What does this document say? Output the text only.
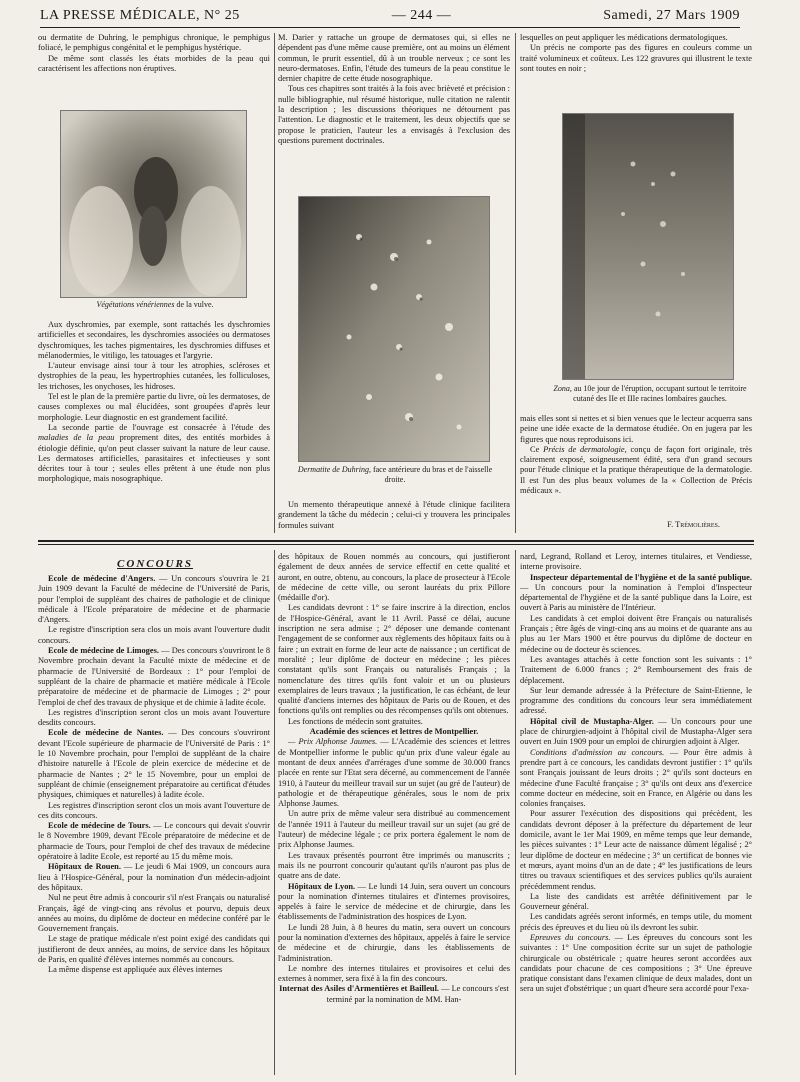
LA PRESSE MÉDICALE, N° 25	— 244 —	Samedi, 27 Mars 1909

ou dermatite de Duhring, le pemphigus chronique, le pemphigus foliacé, le pemphigus congénital et le pemphigus hystérique.

De même sont classés les états morbides de la peau qui caractérisent les affections non éruptives.

Végétations vénériennes de la vulve.

Aux dyschromies, par exemple, sont rattachés les dyschromies artificielles et secondaires, les dyschromies associées ou dermatoses dyschromiques, les taches pigmentaires, les dyschromies diffuses et mélanodermies, le vitiligo, les tatouages et l'argyrie.

L'auteur envisage ainsi tour à tour les atrophies, scléroses et dystrophies de la peau, les hypertrophies cutanées, les folliculoses, les trichoses, les onychoses, les hidroses.

Tel est le plan de la première partie du livre, où les dermatoses, de causes complexes ou mal élucidées, sont groupées d'après leur morphologie. Leur diagnostic en est grandement facilité.

La seconde partie de l'ouvrage est consacrée à l'étude des maladies de la peau proprement dites, des entités morbides à étiologie définie, qu'on peut classer suivant la nature de leur cause. Les dermatoses artificielles, parasitaires et infectieuses y sont décrites tour à tour ; seules elles prêtent à une étude non plus morphologique, mais nosographique.

M. Darier y rattache un groupe de dermatoses qui, si elles ne dépendent pas d'une même cause première, ont au moins un élément commun, le prurit essentiel, dû à un trouble nerveux ; ce sont les neuro-dermatoses. Enfin, l'étude des tumeurs de la peau constitue le dernier chapitre de cette étude nosographique.

Tous ces chapitres sont traités à la fois avec brièveté et précision : nulle bibliographie, nul résumé historique, nulle citation ne ralentit la description ; les discussions théoriques ne détournent pas l'attention. Le diagnostic et le traitement, les deux objectifs que se propose le praticien, l'auteur les a envisagés à l'exclusion des questions purement doctrinales.

Dermatite de Duhring, face antérieure du bras et de l'aisselle droite.

Un memento thérapeutique annexé à l'étude clinique facilitera grandement la tâche du médecin ; celui-ci y trouvera les principales formules suivant

lesquelles on peut appliquer les médications dermatologiques.

Un précis ne comporte pas des figures en couleurs comme un traité volumineux et coûteux. Les 122 gravures qui illustrent le texte sont toutes en noir ;

Zona, au 10e jour de l'éruption, occupant surtout le territoire cutané des IIe et IIIe racines lombaires gauches.

mais elles sont si nettes et si bien venues que le lecteur acquerra sans peine une idée exacte de la dermatose étudiée. On en jugera par les figures que nous reproduisons ici.

Ce Précis de dermatologie, conçu de façon fort originale, très clairement exposé, soigneusement édité, sera d'un grand secours pour l'étude clinique et la pratique thérapeutique de la dermatologie. Il est l'un des plus beaux volumes de la « Collection de Précis médicaux ».

F. Trémolières.
CONCOURS

Ecole de médecine d'Angers. — Un concours s'ouvrira le 21 Juin 1909 devant la Faculté de médecine de l'Université de Paris, pour l'emploi de suppléant des chaires de pathologie et de clinique médicale à l'Ecole préparatoire de médecine et de pharmacie d'Angers.

Le registre d'inscription sera clos un mois avant l'ouverture dudit concours.

Ecole de médecine de Limoges. — Des concours s'ouvriront le 8 Novembre prochain devant la Faculté mixte de médecine et de pharmacie de l'Université de Bordeaux : 1° pour l'emploi de suppléant de la chaire de pharmacie et matière médicale à l'Ecole préparatoire de médecine et de pharmacie de Limoges ; 2° pour l'emploi de chef des travaux de physique et de chimie à ladite école.

Les registres d'inscription seront clos un mois avant l'ouverture desdits concours.

Ecole de médecine de Nantes. — Des concours s'ouvriront devant l'Ecole supérieure de pharmacie de l'Université de Paris : 1° le 10 Novembre prochain, pour l'emploi de suppléant de la chaire d'histoire naturelle à l'Ecole de plein exercice de médecine et de pharmacie de Nantes ; 2° le 15 Novembre, pour un emploi de suppléant de chimie (enseignement préparatoire au certificat d'études physiques, chimiques et naturelles) à ladite école.

Les registres d'inscription seront clos un mois avant l'ouverture de ces dits concours.

Ecole de médecine de Tours. — Le concours qui devait s'ouvrir le 8 Novembre 1909, devant l'Ecole préparatoire de médecine et de pharmacie de Tours, pour l'emploi de chef des travaux de médecine opératoire à ladite Ecole, est reporté au 15 du même mois.

Hôpitaux de Rouen. — Le jeudi 6 Mai 1909, un concours aura lieu à l'Hospice-Général, pour la nomination d'un médecin-adjoint des hôpitaux.

Nul ne peut être admis à concourir s'il n'est Français ou naturalisé Français, âgé de vingt-cinq ans révolus et pourvu, depuis deux années au moins, du diplôme de docteur en médecine conféré par le Gouvernement français.

Le stage de pratique médicale n'est point exigé des candidats qui justifieront de deux années, au moins, de service dans les hôpitaux de Paris, en qualité d'élèves internes nommés au concours.

La même dispense est appliquée aux élèves internes

des hôpitaux de Rouen nommés au concours, qui justifieront également de deux années de service effectif en cette qualité et auront, en outre, obtenu, au concours, la place de prosecteur à l'Ecole de médecine de cette ville, ou seront lauréats du prix Pillore (médaille d'or).

Les candidats devront : 1° se faire inscrire à la direction, enclos de l'Hospice-Général, avant le 11 Avril. Passé ce délai, aucune inscription ne sera admise ; 2° déposer une demande contenant l'engagement de se conformer aux règlements des hôpitaux faits ou à faire ; un extrait en forme de leur acte de naissance ; un certificat de moralité ; leur diplôme de docteur en médecine ; les pièces constatant qu'ils sont Français ou naturalisés Français ; la nomenclature des titres qu'ils font valoir et un ou plusieurs exemplaires de leurs travaux ; la justification, le cas échéant, de leur qualité d'anciens internes des hôpitaux de Paris ou de Rouen, et des fonctions qu'ils ont remplies ou des récompenses qu'ils ont obtenues.

Les fonctions de médecin sont gratuites.

Académie des sciences et lettres de Montpellier.

— Prix Alphonse Jaumes. — L'Académie des sciences et lettres de Montpellier informe le public qu'un prix d'une valeur égale au montant de deux années d'arrérages d'une somme de 30.000 francs placée en rente sur l'Etat sera décerné, au commencement de l'année 1910, à l'auteur du meilleur travail sur un sujet (au gré de l'auteur) de pathologie et de thérapeutique générales, sous le nom de prix Alphonse Jaumes.

Un autre prix de même valeur sera distribué au commencement de l'année 1911 à l'auteur du meilleur travail sur un sujet (au gré de l'auteur) de médecine légale ; ce prix portera également le nom de prix Alphonse Jaumes.

Les travaux présentés pourront être imprimés ou manuscrits ; mais ils ne pourront concourir qu'autant qu'ils n'auront pas plus de quatre ans de date.

Hôpitaux de Lyon. — Le lundi 14 Juin, sera ouvert un concours pour la nomination d'internes titulaires et d'internes provisoires, appelés à faire le service de médecine et de chirurgie, dans les établissements de l'administration des hospices de Lyon.

Le lundi 28 Juin, à 8 heures du matin, sera ouvert un concours pour la nomination d'externes des hôpitaux, appelés à faire le service de médecine et de chirurgie, dans les établissements de l'administration.

Le nombre des internes titulaires et provisoires et celui des externes à nommer, sera fixé à la fin des concours.

Internat des Asiles d'Armentières et Bailleul. — Le concours s'est terminé par la nomination de MM. Han-

nard, Legrand, Rolland et Leroy, internes titulaires, et Vendiesse, interne provisoire.

Inspecteur départemental de l'hygiène et de la santé publique. — Un concours pour la nomination à l'emploi d'Inspecteur départemental de l'hygiène et de la santé publique dans la Loire, est ouvert à Paris au ministère de l'Intérieur.

Les candidats à cet emploi doivent être Français ou naturalisés Français ; être âgés de vingt-cinq ans au moins et de quarante ans au plus au 1er Mars 1900 et être pourvus du diplôme de docteur en médecine ou de docteur ès sciences.

Les avantages attachés à cette fonction sont les suivants : 1° Traitement de 6.000 francs ; 2° Remboursement des frais de déplacement.

Sur leur demande adressée à la Préfecture de Saint-Etienne, le programme des conditions du concours leur sera immédiatement adressé.

Hôpital civil de Mustapha-Alger. — Un concours pour une place de chirurgien-adjoint à l'hôpital civil de Mustapha-Alger sera ouvert en Juin 1909 pour un emploi de chirurgien adjoint à Alger.

Conditions d'admission au concours. — Pour être admis à prendre part à ce concours, les candidats devront justifier : 1° qu'ils sont Français jouissant de leurs droits ; 2° qu'ils sont docteurs en médecine d'une Faculté française ; 3° qu'ils ont deux ans d'exercice comme docteur en médecine, soit en France, en Algérie ou dans les colonies françaises.

Pour assurer l'exécution des dispositions qui précèdent, les candidats devront déposer à la préfecture du département de leur domicile, avant le 1er Mai 1909, en même temps que leur demande, les pièces suivantes : 1° Leur acte de naissance dûment légalisé ; 2° leur diplôme de docteur en médecine ; 3° un certificat de bonnes vie et mœurs, ayant moins d'un an de date ; 4° les justifications de leurs titres ou travaux scientifiques et des services publics qu'ils auraient précédemment rendus.

La liste des candidats est arrêtée définitivement par le Gouverneur général.

Les candidats agréés seront informés, en temps utile, du moment précis des épreuves et du lieu où ils devront les subir.

Epreuves du concours. — Les épreuves du concours sont les suivantes : 1° Une composition écrite sur un sujet de pathologie chirurgicale ou obstétricale ; quatre heures seront accordées aux candidats pour chacune de ces compositions ; 3° Une épreuve pratique consistant dans l'examen clinique de deux malades, dont un sera un sujet d'obstétrique ; un quart d'heure sera accordé pour l'exa-
